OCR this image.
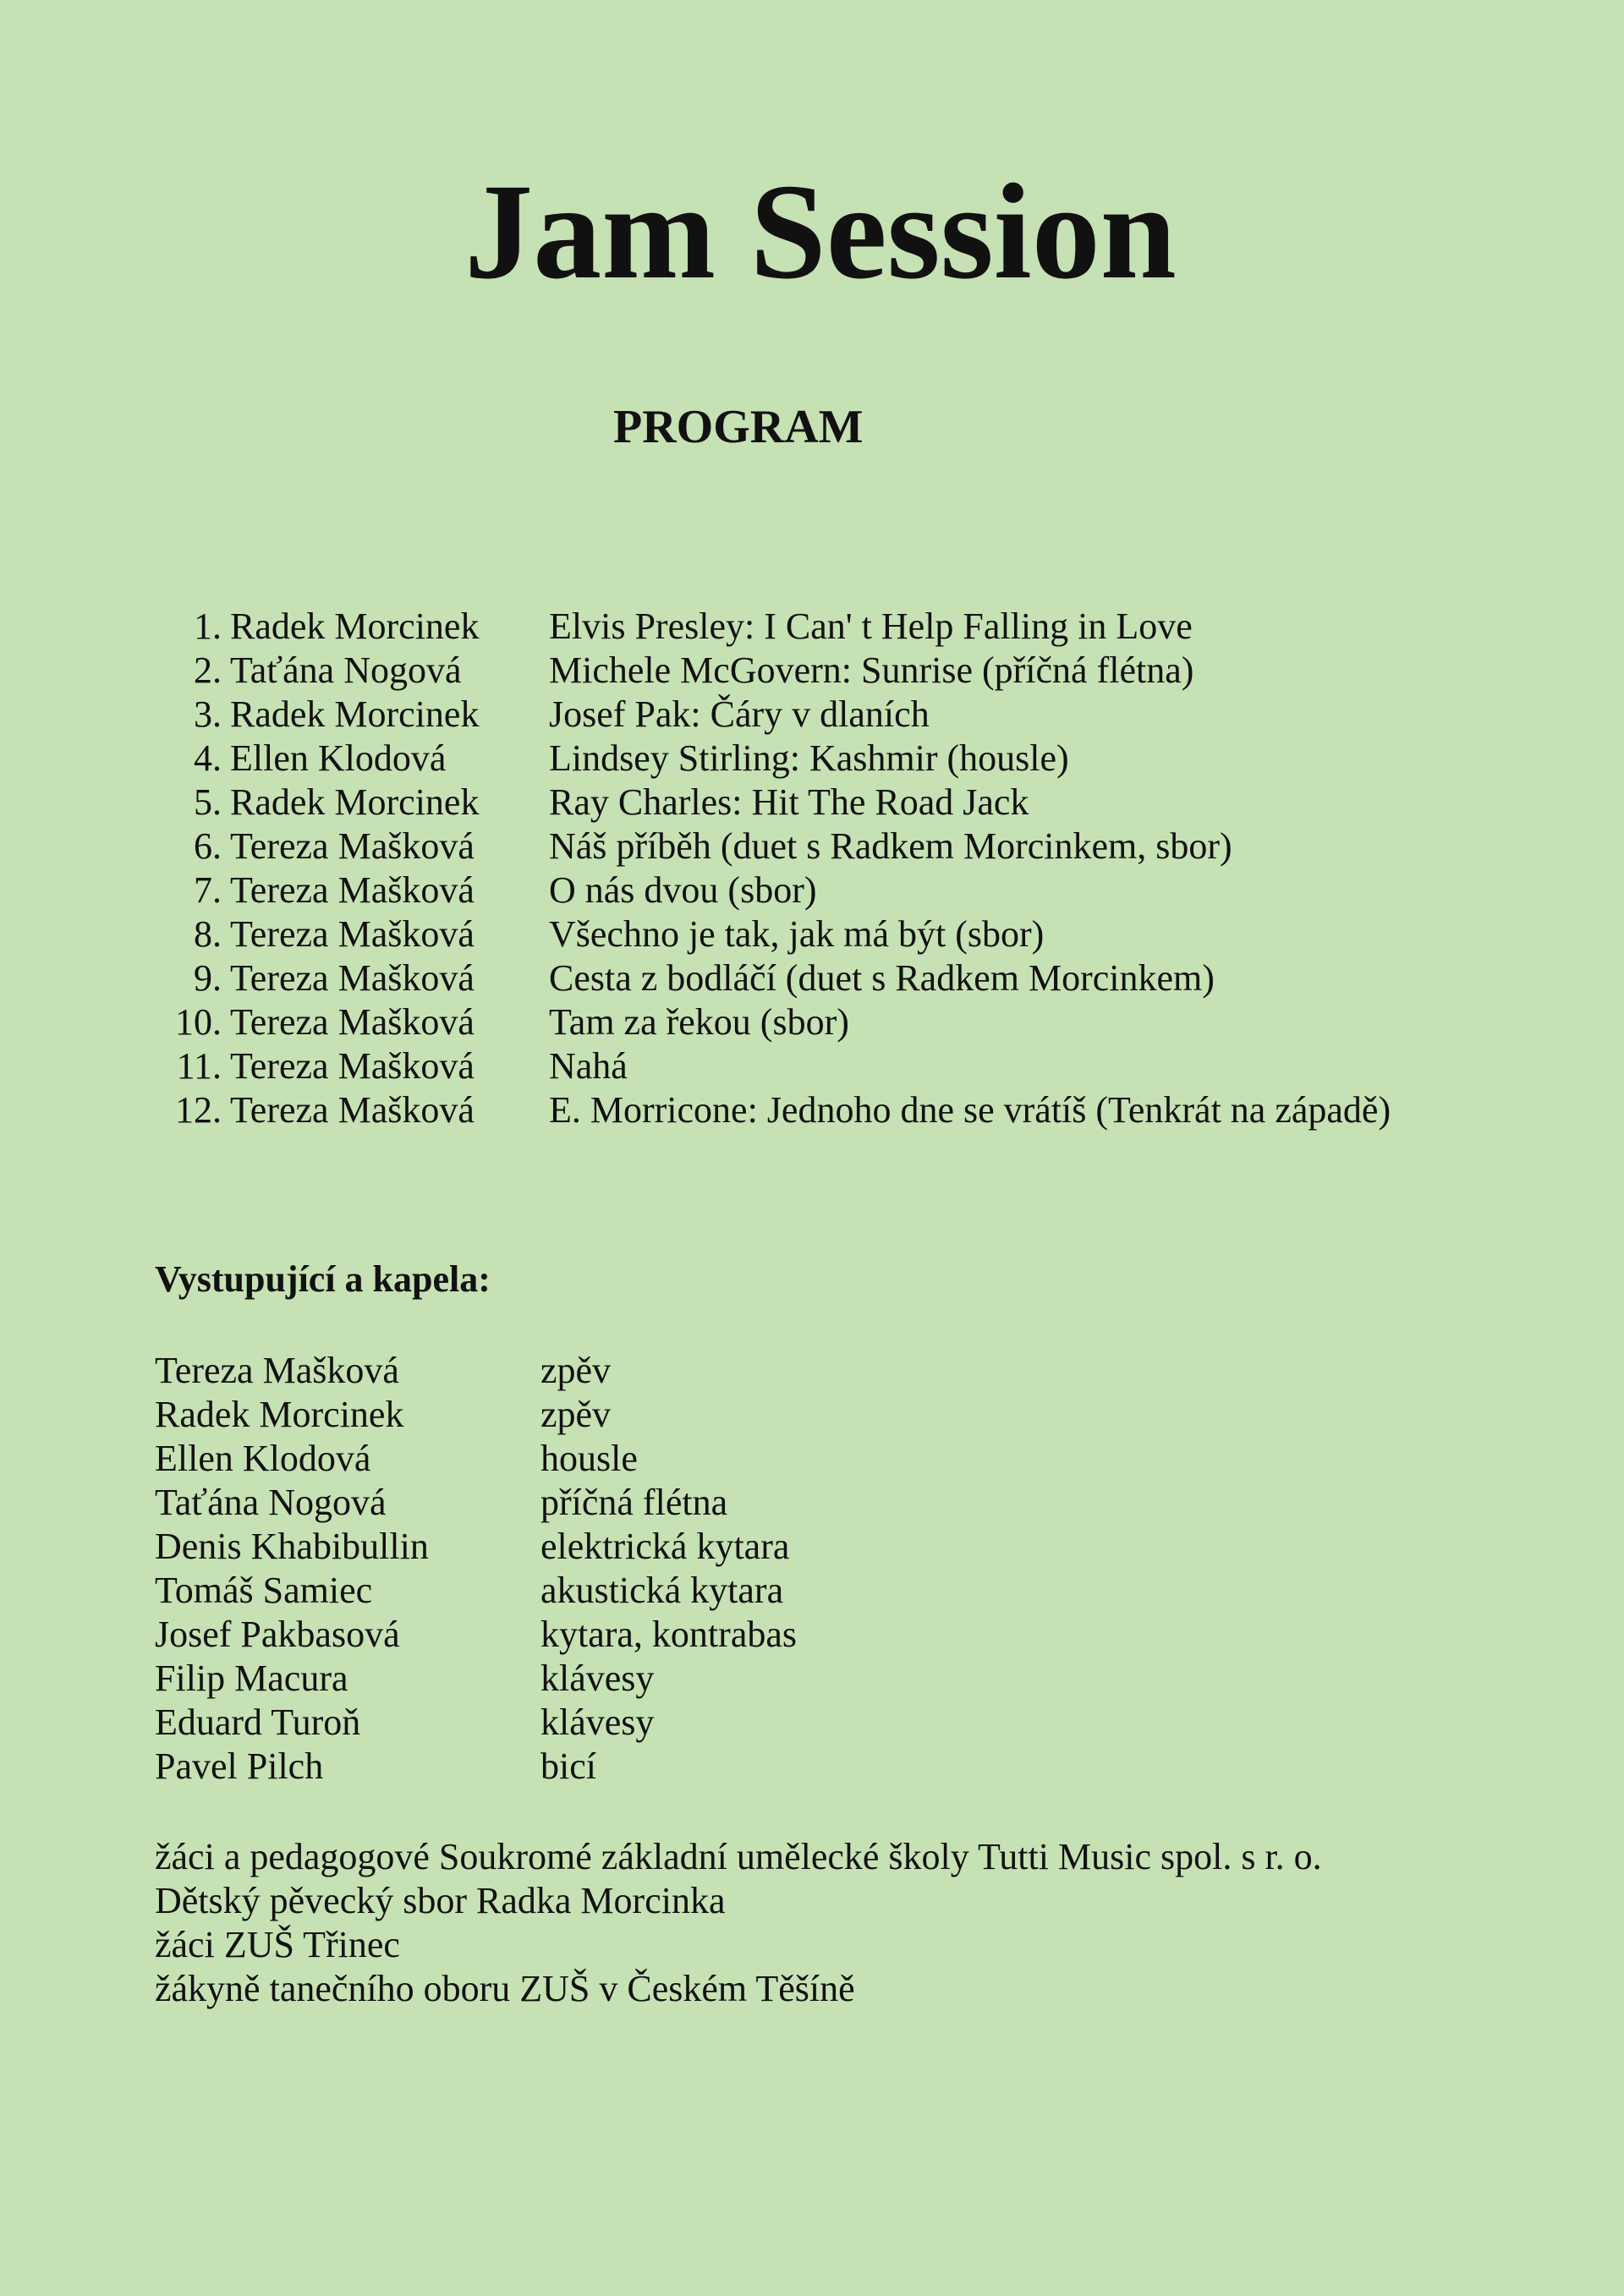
Jam Session
PROGRAM
1. Radek Morcinek	Elvis Presley: I Can' t Help Falling in Love
2. Taťána Nogová	Michele McGovern: Sunrise (příčná flétna)
3. Radek Morcinek	Josef Pak: Čáry v dlaních
4. Ellen Klodová	Lindsey Stirling: Kashmir (housle)
5. Radek Morcinek	Ray Charles: Hit The Road Jack
6. Tereza Mašková	Náš příběh (duet s Radkem Morcinkem, sbor)
7. Tereza Mašková	O nás dvou (sbor)
8. Tereza Mašková	Všechno je tak, jak má být (sbor)
9. Tereza Mašková	Cesta z bodláčí (duet s Radkem Morcinkem)
10. Tereza Mašková	Tam za řekou (sbor)
11. Tereza Mašková	Nahá
12. Tereza Mašková	E. Morricone: Jednoho dne se vrátíš (Tenkrát na západě)
Vystupující a kapela:
Tereza Mašková	zpěv
Radek Morcinek	zpěv
Ellen Klodová	housle
Taťána Nogová	příčná flétna
Denis Khabibullin	elektrická kytara
Tomáš Samiec	akustická kytara
Josef Pakbasová	kytara, kontrabas
Filip Macura	klávesy
Eduard Turoň	klávesy
Pavel Pilch	bicí
žáci a pedagogové Soukromé základní umělecké školy Tutti Music spol. s r. o.
Dětský pěvecký sbor Radka Morcinka
žáci ZUŠ Třinec
žákyně tanečního oboru ZUŠ v Českém Těšíně
